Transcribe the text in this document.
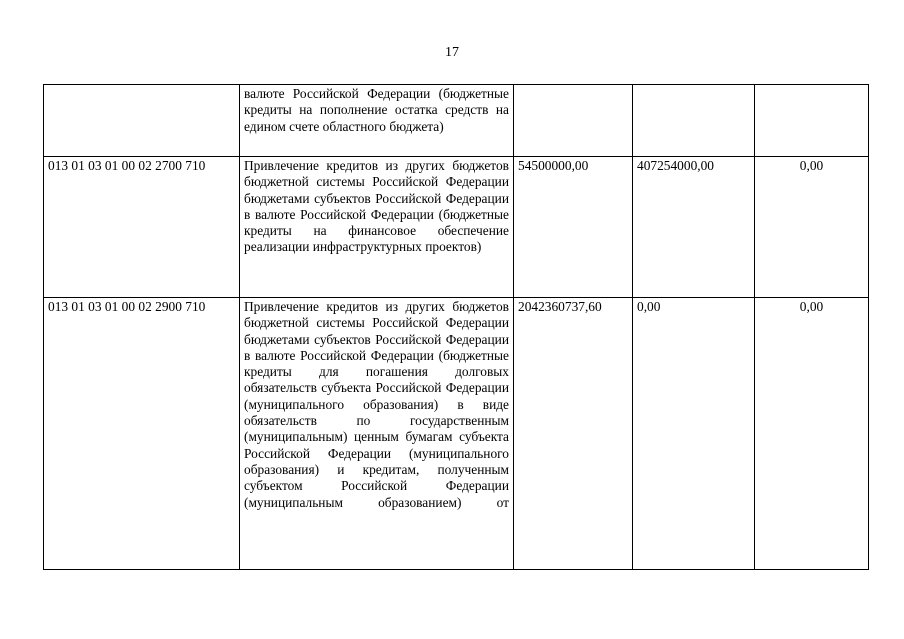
17
	валюте Российской Федерации (бюджетные кредиты на пополнение остатка средств на едином счете областного бюджета)			
013 01 03 01 00 02 2700 710	Привлечение кредитов из других бюджетов бюджетной системы Российской Федерации бюджетами субъектов Российской Федерации в валюте Российской Федерации (бюджетные кредиты на финансовое обеспечение реализации инфраструктурных проектов)	54500000,00	407254000,00	0,00
013 01 03 01 00 02 2900 710	Привлечение кредитов из других бюджетов бюджетной системы Российской Федерации бюджетами субъектов Российской Федерации в валюте Российской Федерации (бюджетные кредиты для погашения долговых обязательств субъекта Российской Федерации (муниципального образования) в виде обязательств по государственным (муниципальным) ценным бумагам субъекта Российской Федерации (муниципального образования) и кредитам, полученным субъектом Российской Федерации (муниципальным образованием) от	2042360737,60	0,00	0,00
